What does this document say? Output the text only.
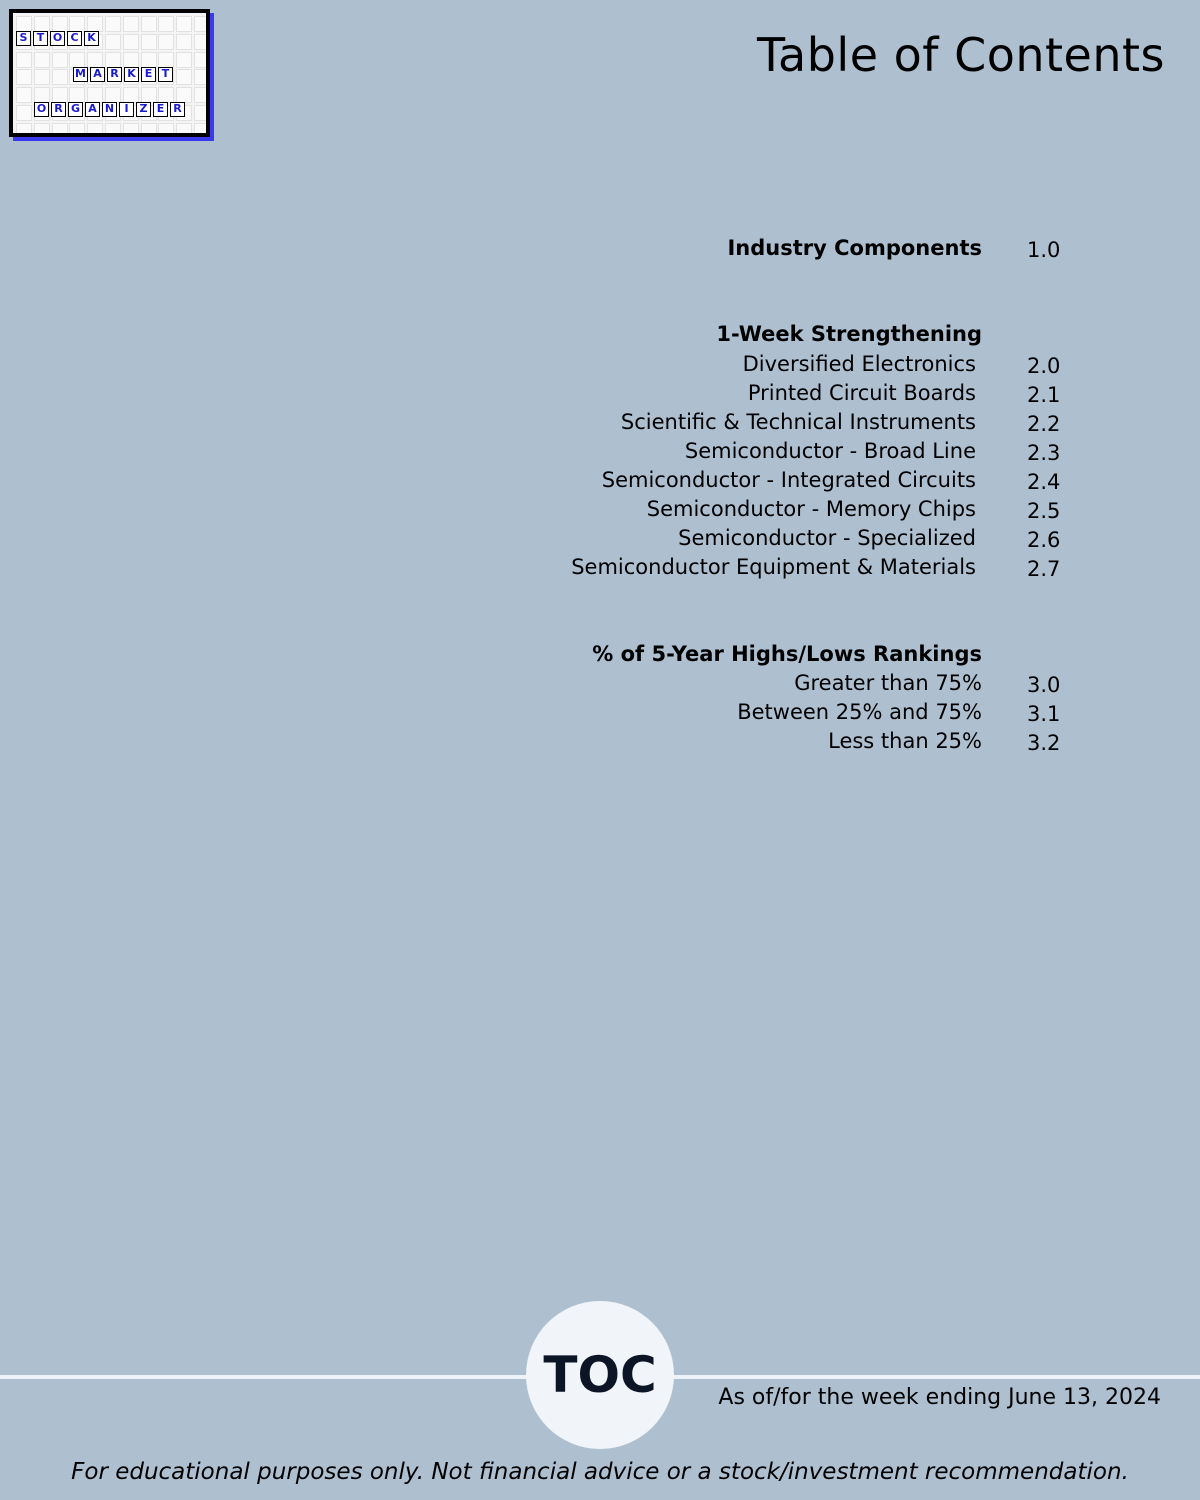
S T O C K
M A R K E T
O R G A N I Z E R
Table of Contents
Industry Components 1.0
1-Week Strengthening
Diversified Electronics 2.0
Printed Circuit Boards 2.1
Scientific & Technical Instruments 2.2
Semiconductor - Broad Line 2.3
Semiconductor - Integrated Circuits 2.4
Semiconductor - Memory Chips 2.5
Semiconductor - Specialized 2.6
Semiconductor Equipment & Materials 2.7
% of 5-Year Highs/Lows Rankings
Greater than 75% 3.0
Between 25% and 75% 3.1
Less than 25% 3.2
TOC	As of/for the week ending June 13, 2024
For educational purposes only. Not financial advice or a stock/investment recommendation.
